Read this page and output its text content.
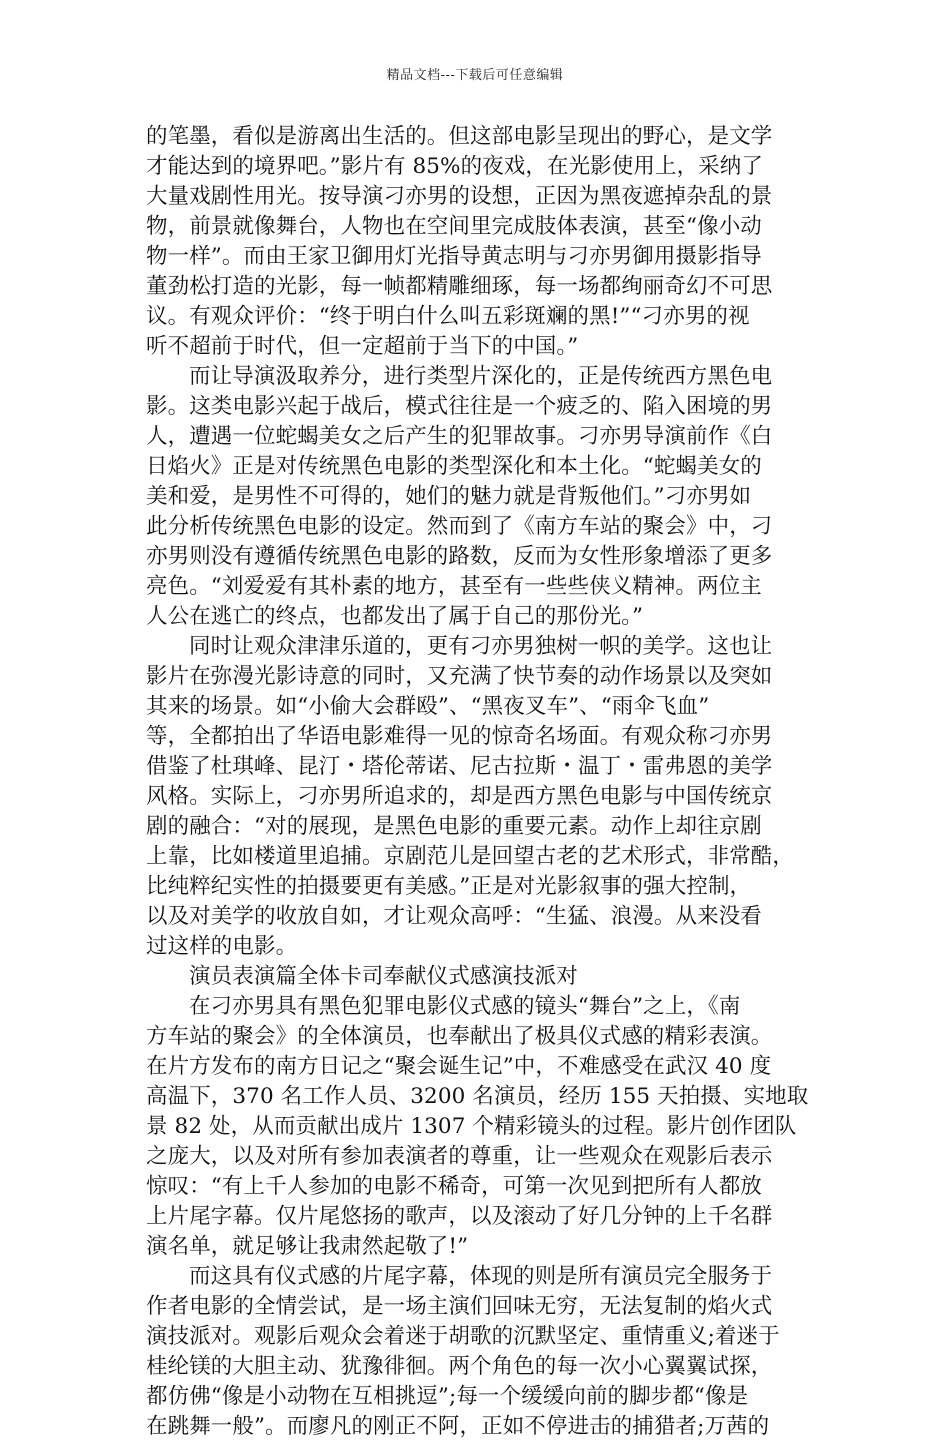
精品文档---下载后可任意编辑
的笔墨，看似是游离出生活的。但这部电影呈现出的野心，是文学
才能达到的境界吧。”影片有 85%的夜戏，在光影使用上，采纳了
大量戏剧性用光。按导演刁亦男的设想，正因为黑夜遮掉杂乱的景
物，前景就像舞台，人物也在空间里完成肢体表演，甚至“像小动
物一样”。而由王家卫御用灯光指导黄志明与刁亦男御用摄影指导
董劲松打造的光影，每一帧都精雕细琢，每一场都绚丽奇幻不可思
议。有观众评价：“终于明白什么叫五彩斑斓的黑!”“刁亦男的视
听不超前于时代，但一定超前于当下的中国。”
而让导演汲取养分，进行类型片深化的，正是传统西方黑色电
影。这类电影兴起于战后，模式往往是一个疲乏的、陷入困境的男
人，遭遇一位蛇蝎美女之后产生的犯罪故事。刁亦男导演前作《白
日焰火》正是对传统黑色电影的类型深化和本土化。“蛇蝎美女的
美和爱，是男性不可得的，她们的魅力就是背叛他们。”刁亦男如
此分析传统黑色电影的设定。然而到了《南方车站的聚会》中，刁
亦男则没有遵循传统黑色电影的路数，反而为女性形象增添了更多
亮色。“刘爱爱有其朴素的地方，甚至有一些些侠义精神。两位主
人公在逃亡的终点，也都发出了属于自己的那份光。”
同时让观众津津乐道的，更有刁亦男独树一帜的美学。这也让
影片在弥漫光影诗意的同时，又充满了快节奏的动作场景以及突如
其来的场景。如“小偷大会群殴”、“黑夜叉车”、“雨伞飞血”
等，全都拍出了华语电影难得一见的惊奇名场面。有观众称刁亦男
借鉴了杜琪峰、昆汀・塔伦蒂诺、尼古拉斯・温丁・雷弗恩的美学
风格。实际上，刁亦男所追求的，却是西方黑色电影与中国传统京
剧的融合：“对的展现，是黑色电影的重要元素。动作上却往京剧
上靠，比如楼道里追捕。京剧范儿是回望古老的艺术形式，非常酷，
比纯粹纪实性的拍摄要更有美感。”正是对光影叙事的强大控制，
以及对美学的收放自如，才让观众高呼：“生猛、浪漫。从来没看
过这样的电影。
演员表演篇全体卡司奉献仪式感演技派对
在刁亦男具有黑色犯罪电影仪式感的镜头“舞台”之上，《南
方车站的聚会》的全体演员，也奉献出了极具仪式感的精彩表演。
在片方发布的南方日记之“聚会诞生记”中，不难感受在武汉 40 度
高温下，370 名工作人员、3200 名演员，经历 155 天拍摄、实地取
景 82 处，从而贡献出成片 1307 个精彩镜头的过程。影片创作团队
之庞大，以及对所有参加表演者的尊重，让一些观众在观影后表示
惊叹：“有上千人参加的电影不稀奇，可第一次见到把所有人都放
上片尾字幕。仅片尾悠扬的歌声，以及滚动了好几分钟的上千名群
演名单，就足够让我肃然起敬了!”
而这具有仪式感的片尾字幕，体现的则是所有演员完全服务于
作者电影的全情尝试，是一场主演们回味无穷，无法复制的焰火式
演技派对。观影后观众会着迷于胡歌的沉默坚定、重情重义;着迷于
桂纶镁的大胆主动、犹豫徘徊。两个角色的每一次小心翼翼试探，
都仿佛“像是小动物在互相挑逗”;每一个缓缓向前的脚步都“像是
在跳舞一般”。而廖凡的刚正不阿，正如不停进击的捕猎者;万茜的
